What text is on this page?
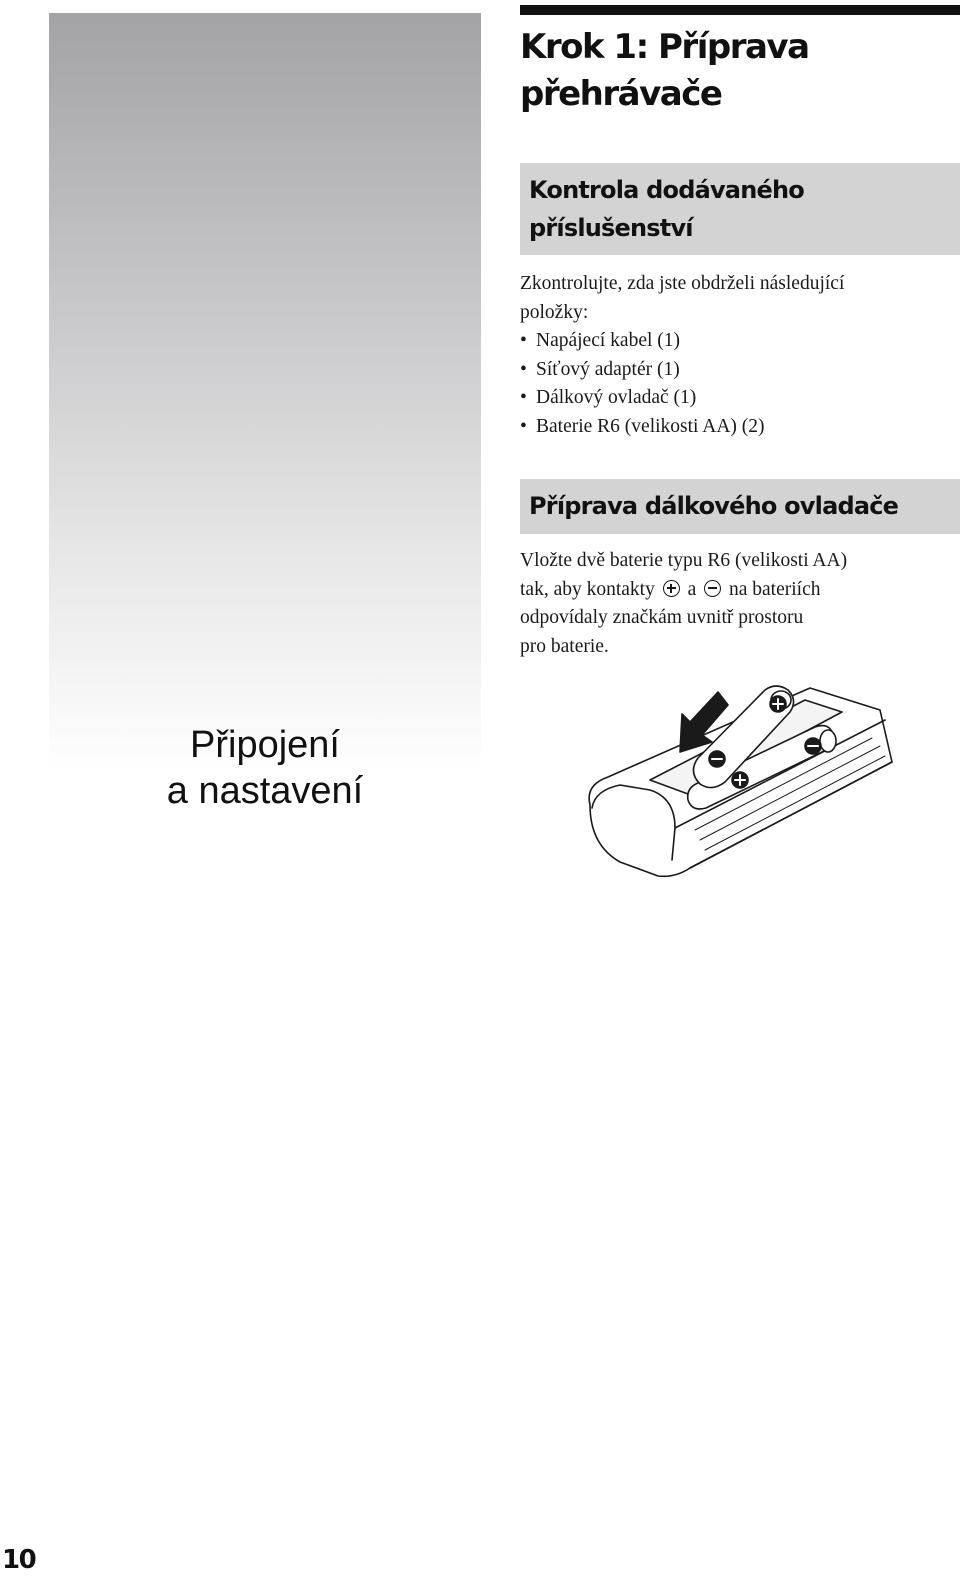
Připojení
a nastavení
Krok 1: Příprava
přehrávače
Kontrola dodávaného
příslušenství
Zkontrolujte, zda jste obdrželi následující
položky:
• Napájecí kabel (1)
• Síťový adaptér (1)
• Dálkový ovladač (1)
• Baterie R6 (velikosti AA) (2)
Příprava dálkového ovladače
Vložte dvě baterie typu R6 (velikosti AA)
tak, aby kontakty a na bateriích
odpovídaly značkám uvnitř prostoru
pro baterie.
10
